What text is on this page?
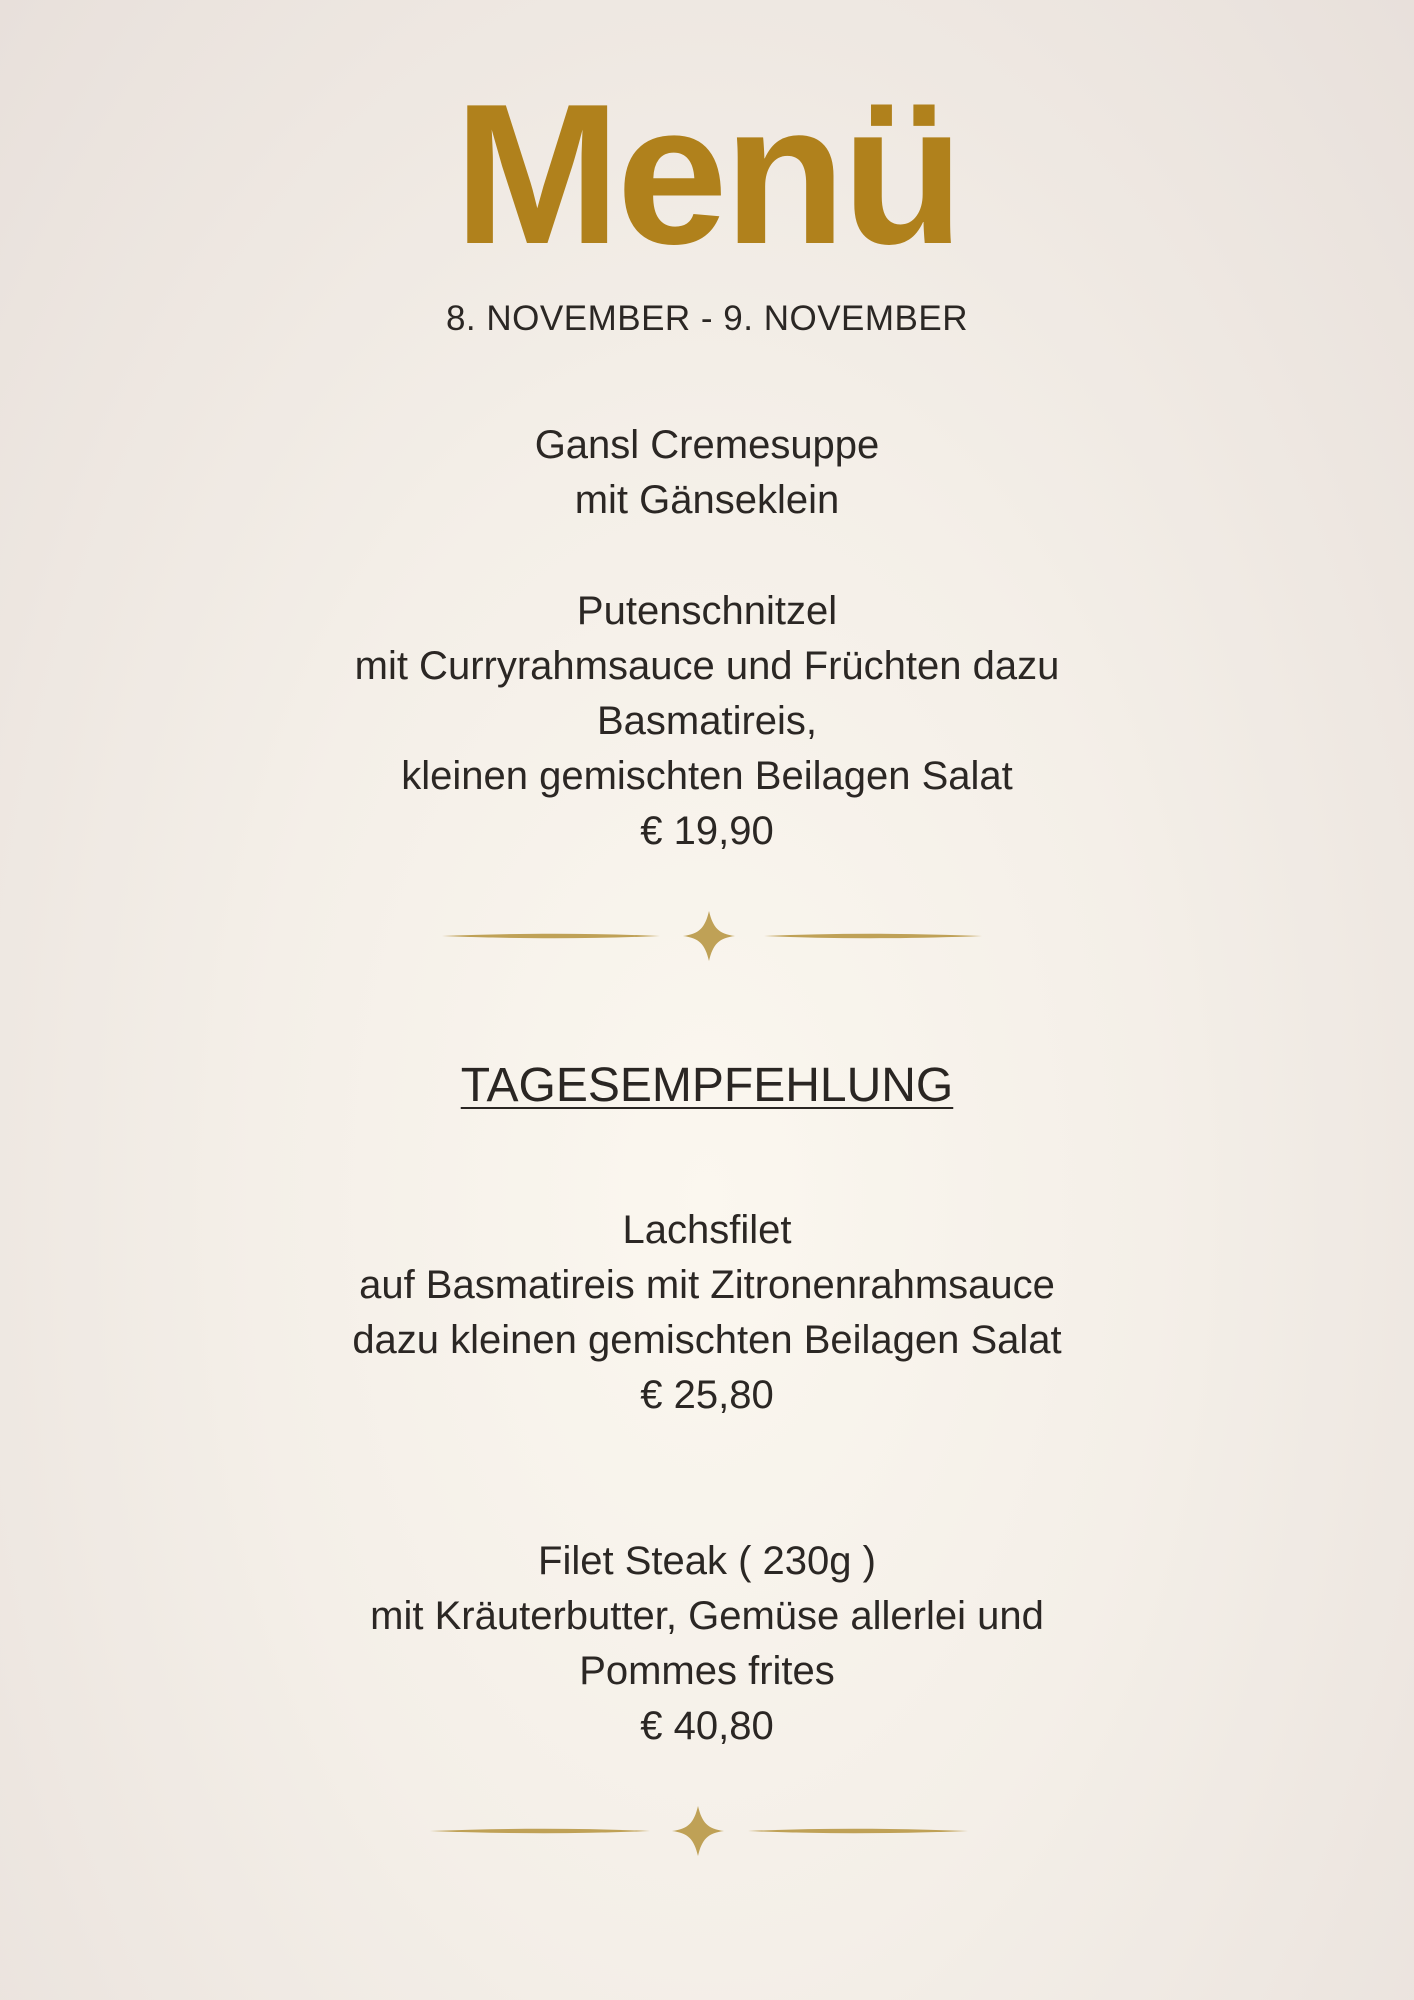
Menü
8. NOVEMBER - 9. NOVEMBER
Gansl Cremesuppe
mit Gänseklein
Putenschnitzel
mit Curryrahmsauce und Früchten dazu
Basmatireis,
kleinen gemischten Beilagen Salat
€ 19,90
TAGESEMPFEHLUNG
Lachsfilet
auf Basmatireis mit Zitronenrahmsauce
dazu kleinen gemischten Beilagen Salat
€ 25,80
Filet Steak ( 230g )
mit Kräuterbutter, Gemüse allerlei und
Pommes frites
€ 40,80
